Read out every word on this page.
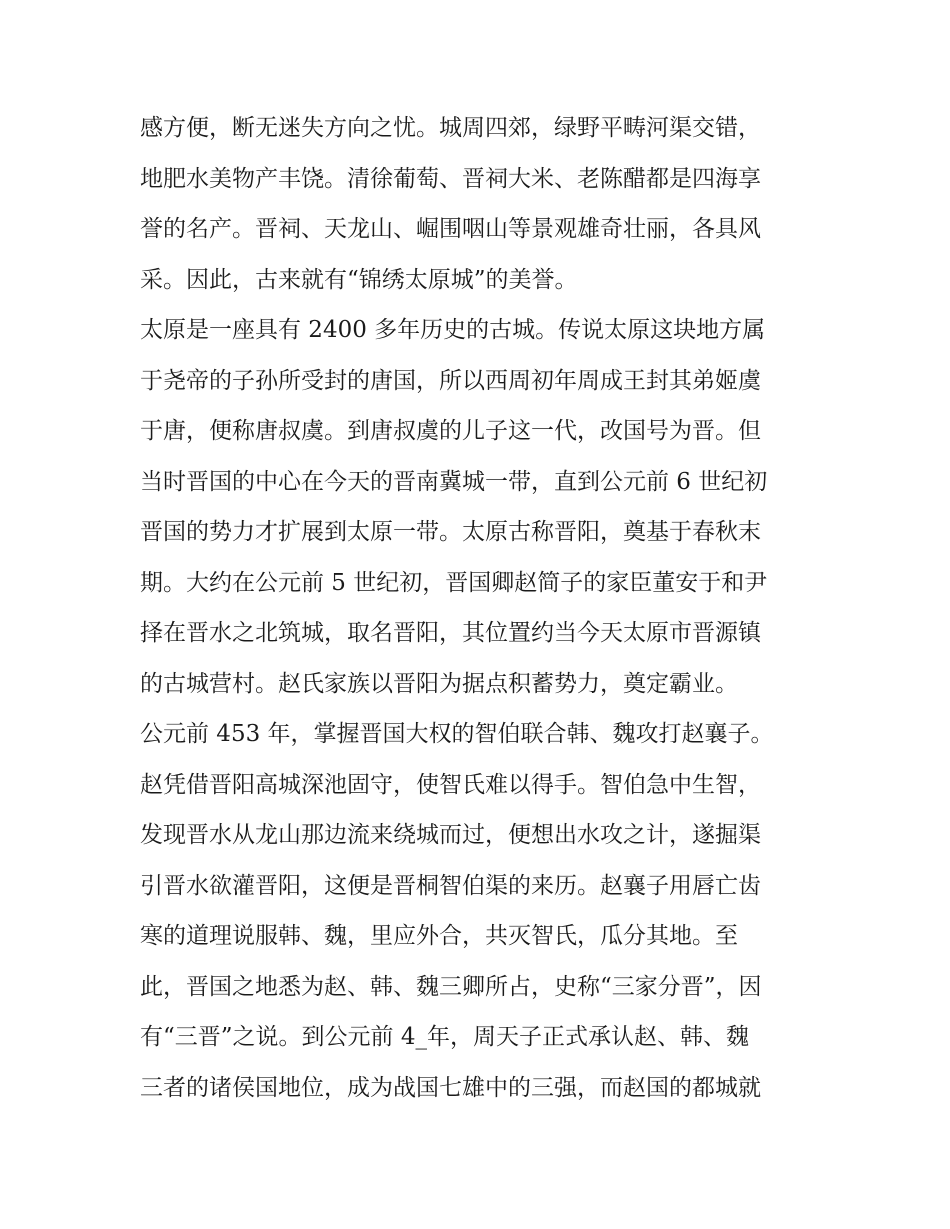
感方便，断无迷失方向之忧。城周四郊，绿野平畴河渠交错，
地肥水美物产丰饶。清徐葡萄、晋祠大米、老陈醋都是四海享
誉的名产。晋祠、天龙山、崛围咽山等景观雄奇壮丽，各具风
采。因此，古来就有“锦绣太原城”的美誉。
太原是一座具有 2400 多年历史的古城。传说太原这块地方属
于尧帝的子孙所受封的唐国，所以西周初年周成王封其弟姬虞
于唐，便称唐叔虞。到唐叔虞的儿子这一代，改国号为晋。但
当时晋国的中心在今天的晋南冀城一带，直到公元前 6 世纪初
晋国的势力才扩展到太原一带。太原古称晋阳，奠基于春秋末
期。大约在公元前 5 世纪初，晋国卿赵简子的家臣董安于和尹
择在晋水之北筑城，取名晋阳，其位置约当今天太原市晋源镇
的古城营村。赵氏家族以晋阳为据点积蓄势力，奠定霸业。
公元前 453 年，掌握晋国大权的智伯联合韩、魏攻打赵襄子。
赵凭借晋阳高城深池固守，使智氏难以得手。智伯急中生智，
发现晋水从龙山那边流来绕城而过，便想出水攻之计，遂掘渠
引晋水欲灌晋阳，这便是晋桐智伯渠的来历。赵襄子用唇亡齿
寒的道理说服韩、魏，里应外合，共灭智氏，瓜分其地。至
此，晋国之地悉为赵、韩、魏三卿所占，史称“三家分晋”，因
有“三晋”之说。到公元前 4_年，周天子正式承认赵、韩、魏
三者的诸侯国地位，成为战国七雄中的三强，而赵国的都城就
